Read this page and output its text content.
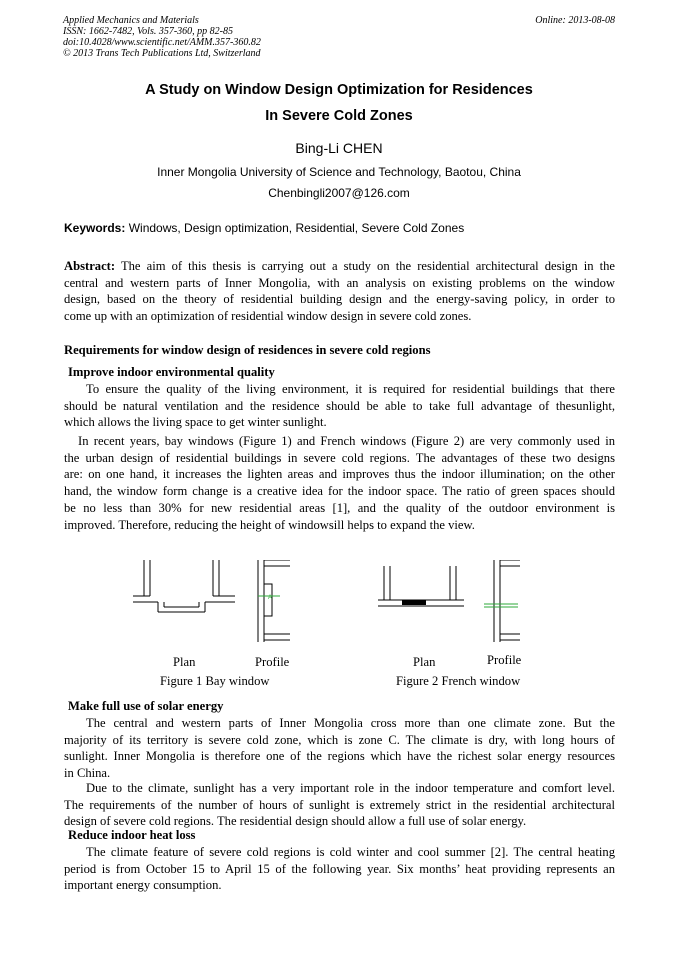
Applied Mechanics and Materials
ISSN: 1662-7482, Vols. 357-360, pp 82-85
doi:10.4028/www.scientific.net/AMM.357-360.82
© 2013 Trans Tech Publications Ltd, Switzerland
Online: 2013-08-08
A Study on Window Design Optimization for Residences
In Severe Cold Zones
Bing-Li CHEN
Inner Mongolia University of Science and Technology, Baotou, China
Chenbingli2007@126.com
Keywords: Windows, Design optimization, Residential, Severe Cold Zones
Abstract: The aim of this thesis is carrying out a study on the residential architectural design in the
central and western parts of Inner Mongolia, with an analysis on existing problems on the window
design, based on the theory of residential building design and the energy-saving policy, in order to
come up with an optimization of residential window design in severe cold zones.
Requirements for window design of residences in severe cold regions
Improve indoor environmental quality
To ensure the quality of the living environment, it is required for residential buildings that there
should be natural ventilation and the residence should be able to take full advantage of thesunlight,
which allows the living space to get winter sunlight.
In recent years, bay windows (Figure 1) and French windows (Figure 2) are very commonly used in
the urban design of residential buildings in severe cold regions. The advantages of these two designs
are: on one hand, it increases the lighten areas and improves thus the indoor illumination; on the other
hand, the window form change is a creative idea for the indoor space. The ratio of green spaces should
be no less than 30% for new residential areas [1], and the quality of the outdoor environment is
improved. Therefore, reducing the height of windowsill helps to expand the view.
A
Plan	Profile
Figure 1 Bay window
Plan	Profile
Figure 2 French window
Make full use of solar energy
The central and western parts of Inner Mongolia cross more than one climate zone. But the
majority of its territory is severe cold zone, which is zone C. The climate is dry, with long hours of
sunlight. Inner Mongolia is therefore one of the regions which have the richest solar energy resources
in China.
Due to the climate, sunlight has a very important role in the indoor temperature and comfort level.
The requirements of the number of hours of sunlight is extremely strict in the residential architectural
design of severe cold regions. The residential design should allow a full use of solar energy.
Reduce indoor heat loss
The climate feature of severe cold regions is cold winter and cool summer [2]. The central heating
period is from October 15 to April 15 of the following year. Six months’ heat providing represents an
important energy consumption.
